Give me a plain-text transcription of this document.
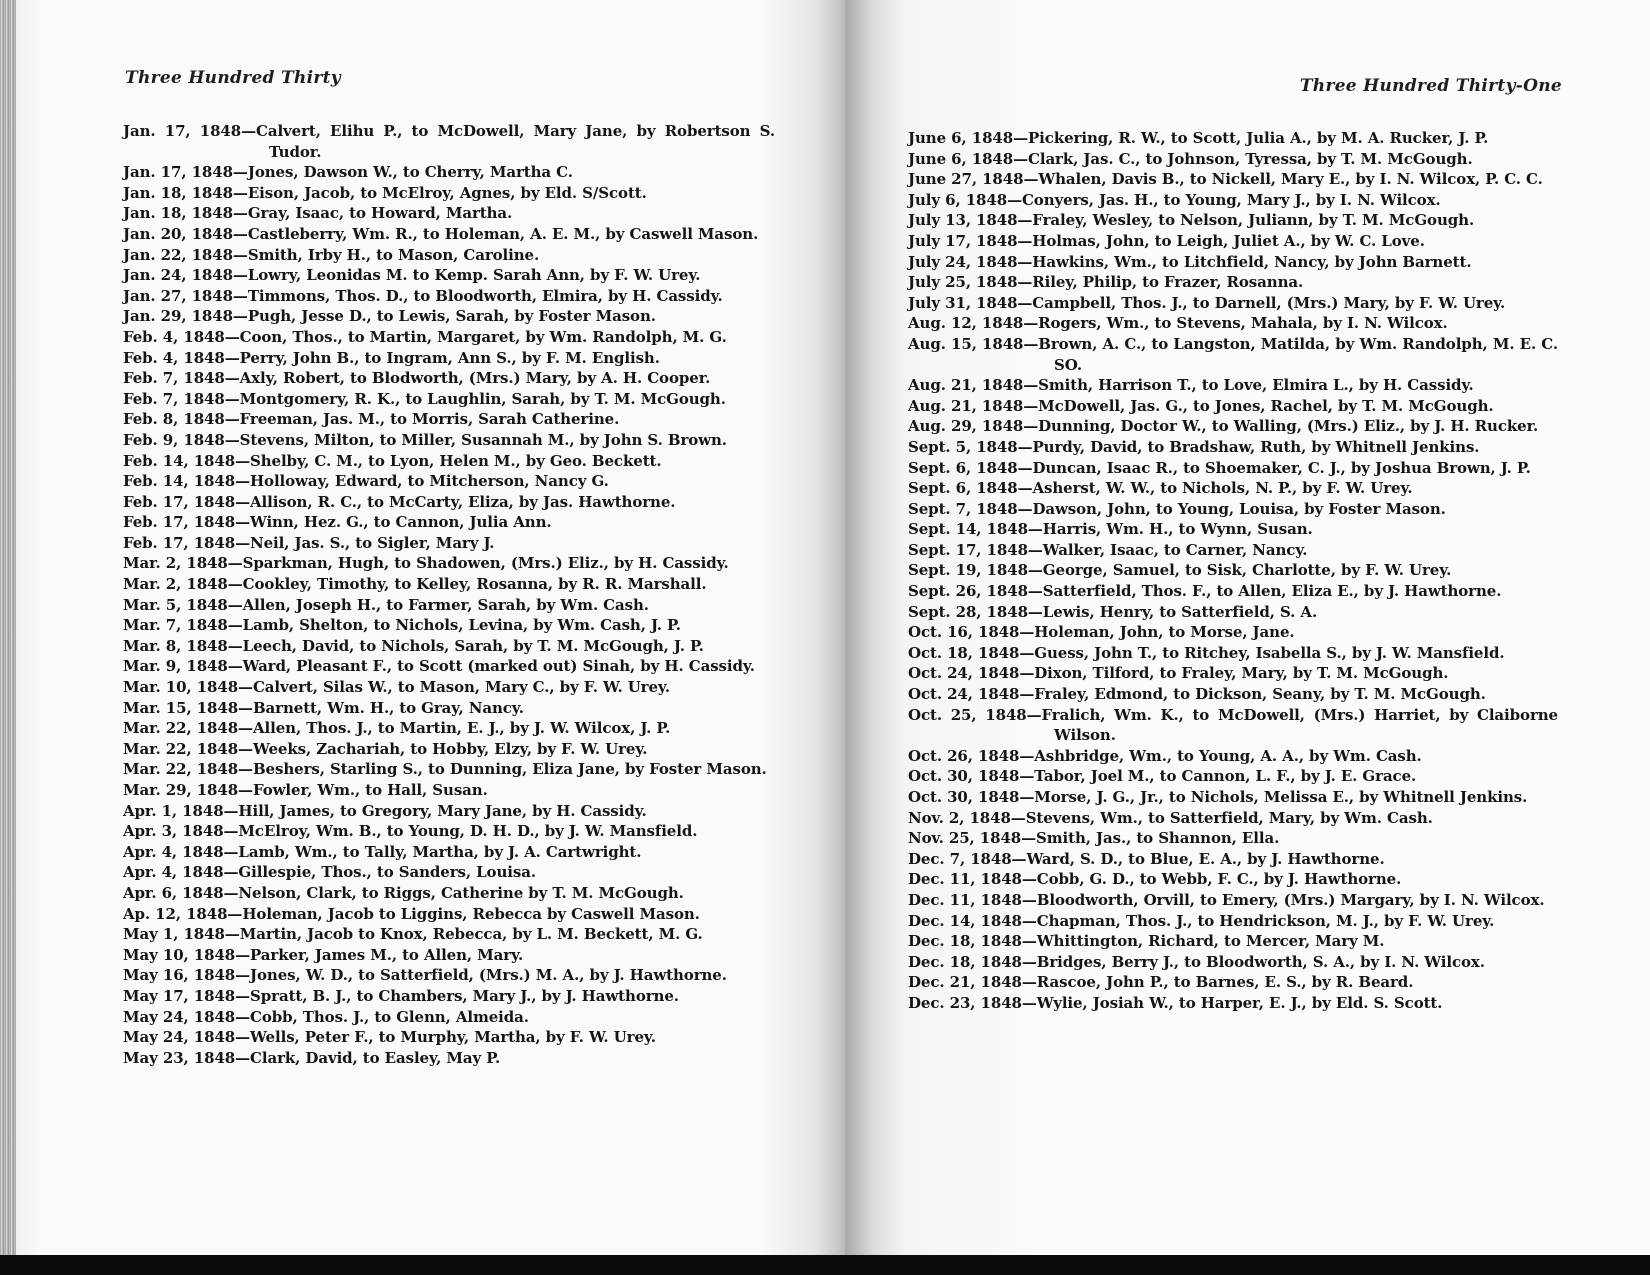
Three Hundred Thirty
Jan. 17, 1848—Calvert, Elihu P., to McDowell, Mary Jane, by Robertson S. Tudor.
Jan. 17, 1848—Jones, Dawson W., to Cherry, Martha C.
Jan. 18, 1848—Eison, Jacob, to McElroy, Agnes, by Eld. S/Scott.
Jan. 18, 1848—Gray, Isaac, to Howard, Martha.
Jan. 20, 1848—Castleberry, Wm. R., to Holeman, A. E. M., by Caswell Mason.
Jan. 22, 1848—Smith, Irby H., to Mason, Caroline.
Jan. 24, 1848—Lowry, Leonidas M. to Kemp. Sarah Ann, by F. W. Urey.
Jan. 27, 1848—Timmons, Thos. D., to Bloodworth, Elmira, by H. Cassidy.
Jan. 29, 1848—Pugh, Jesse D., to Lewis, Sarah, by Foster Mason.
Feb. 4, 1848—Coon, Thos., to Martin, Margaret, by Wm. Randolph, M. G.
Feb. 4, 1848—Perry, John B., to Ingram, Ann S., by F. M. English.
Feb. 7, 1848—Axly, Robert, to Blodworth, (Mrs.) Mary, by A. H. Cooper.
Feb. 7, 1848—Montgomery, R. K., to Laughlin, Sarah, by T. M. McGough.
Feb. 8, 1848—Freeman, Jas. M., to Morris, Sarah Catherine.
Feb. 9, 1848—Stevens, Milton, to Miller, Susannah M., by John S. Brown.
Feb. 14, 1848—Shelby, C. M., to Lyon, Helen M., by Geo. Beckett.
Feb. 14, 1848—Holloway, Edward, to Mitcherson, Nancy G.
Feb. 17, 1848—Allison, R. C., to McCarty, Eliza, by Jas. Hawthorne.
Feb. 17, 1848—Winn, Hez. G., to Cannon, Julia Ann.
Feb. 17, 1848—Neil, Jas. S., to Sigler, Mary J.
Mar. 2, 1848—Sparkman, Hugh, to Shadowen, (Mrs.) Eliz., by H. Cassidy.
Mar. 2, 1848—Cookley, Timothy, to Kelley, Rosanna, by R. R. Marshall.
Mar. 5, 1848—Allen, Joseph H., to Farmer, Sarah, by Wm. Cash.
Mar. 7, 1848—Lamb, Shelton, to Nichols, Levina, by Wm. Cash, J. P.
Mar. 8, 1848—Leech, David, to Nichols, Sarah, by T. M. McGough, J. P.
Mar. 9, 1848—Ward, Pleasant F., to Scott (marked out) Sinah, by H. Cassidy.
Mar. 10, 1848—Calvert, Silas W., to Mason, Mary C., by F. W. Urey.
Mar. 15, 1848—Barnett, Wm. H., to Gray, Nancy.
Mar. 22, 1848—Allen, Thos. J., to Martin, E. J., by J. W. Wilcox, J. P.
Mar. 22, 1848—Weeks, Zachariah, to Hobby, Elzy, by F. W. Urey.
Mar. 22, 1848—Beshers, Starling S., to Dunning, Eliza Jane, by Foster Mason.
Mar. 29, 1848—Fowler, Wm., to Hall, Susan.
Apr. 1, 1848—Hill, James, to Gregory, Mary Jane, by H. Cassidy.
Apr. 3, 1848—McElroy, Wm. B., to Young, D. H. D., by J. W. Mansfield.
Apr. 4, 1848—Lamb, Wm., to Tally, Martha, by J. A. Cartwright.
Apr. 4, 1848—Gillespie, Thos., to Sanders, Louisa.
Apr. 6, 1848—Nelson, Clark, to Riggs, Catherine by T. M. McGough.
Ap. 12, 1848—Holeman, Jacob to Liggins, Rebecca by Caswell Mason.
May 1, 1848—Martin, Jacob to Knox, Rebecca, by L. M. Beckett, M. G.
May 10, 1848—Parker, James M., to Allen, Mary.
May 16, 1848—Jones, W. D., to Satterfield, (Mrs.) M. A., by J. Hawthorne.
May 17, 1848—Spratt, B. J., to Chambers, Mary J., by J. Hawthorne.
May 24, 1848—Cobb, Thos. J., to Glenn, Almeida.
May 24, 1848—Wells, Peter F., to Murphy, Martha, by F. W. Urey.
May 23, 1848—Clark, David, to Easley, May P.
Three Hundred Thirty-One
June 6, 1848—Pickering, R. W., to Scott, Julia A., by M. A. Rucker, J. P.
June 6, 1848—Clark, Jas. C., to Johnson, Tyressa, by T. M. McGough.
June 27, 1848—Whalen, Davis B., to Nickell, Mary E., by I. N. Wilcox, P. C. C.
July 6, 1848—Conyers, Jas. H., to Young, Mary J., by I. N. Wilcox.
July 13, 1848—Fraley, Wesley, to Nelson, Juliann, by T. M. McGough.
July 17, 1848—Holmas, John, to Leigh, Juliet A., by W. C. Love.
July 24, 1848—Hawkins, Wm., to Litchfield, Nancy, by John Barnett.
July 25, 1848—Riley, Philip, to Frazer, Rosanna.
July 31, 1848—Campbell, Thos. J., to Darnell, (Mrs.) Mary, by F. W. Urey.
Aug. 12, 1848—Rogers, Wm., to Stevens, Mahala, by I. N. Wilcox.
Aug. 15, 1848—Brown, A. C., to Langston, Matilda, by Wm. Randolph, M. E. C. SO.
Aug. 21, 1848—Smith, Harrison T., to Love, Elmira L., by H. Cassidy.
Aug. 21, 1848—McDowell, Jas. G., to Jones, Rachel, by T. M. McGough.
Aug. 29, 1848—Dunning, Doctor W., to Walling, (Mrs.) Eliz., by J. H. Rucker.
Sept. 5, 1848—Purdy, David, to Bradshaw, Ruth, by Whitnell Jenkins.
Sept. 6, 1848—Duncan, Isaac R., to Shoemaker, C. J., by Joshua Brown, J. P.
Sept. 6, 1848—Asherst, W. W., to Nichols, N. P., by F. W. Urey.
Sept. 7, 1848—Dawson, John, to Young, Louisa, by Foster Mason.
Sept. 14, 1848—Harris, Wm. H., to Wynn, Susan.
Sept. 17, 1848—Walker, Isaac, to Carner, Nancy.
Sept. 19, 1848—George, Samuel, to Sisk, Charlotte, by F. W. Urey.
Sept. 26, 1848—Satterfield, Thos. F., to Allen, Eliza E., by J. Hawthorne.
Sept. 28, 1848—Lewis, Henry, to Satterfield, S. A.
Oct. 16, 1848—Holeman, John, to Morse, Jane.
Oct. 18, 1848—Guess, John T., to Ritchey, Isabella S., by J. W. Mansfield.
Oct. 24, 1848—Dixon, Tilford, to Fraley, Mary, by T. M. McGough.
Oct. 24, 1848—Fraley, Edmond, to Dickson, Seany, by T. M. McGough.
Oct. 25, 1848—Fralich, Wm. K., to McDowell, (Mrs.) Harriet, by Claiborne Wilson.
Oct. 26, 1848—Ashbridge, Wm., to Young, A. A., by Wm. Cash.
Oct. 30, 1848—Tabor, Joel M., to Cannon, L. F., by J. E. Grace.
Oct. 30, 1848—Morse, J. G., Jr., to Nichols, Melissa E., by Whitnell Jenkins.
Nov. 2, 1848—Stevens, Wm., to Satterfield, Mary, by Wm. Cash.
Nov. 25, 1848—Smith, Jas., to Shannon, Ella.
Dec. 7, 1848—Ward, S. D., to Blue, E. A., by J. Hawthorne.
Dec. 11, 1848—Cobb, G. D., to Webb, F. C., by J. Hawthorne.
Dec. 11, 1848—Bloodworth, Orvill, to Emery, (Mrs.) Margary, by I. N. Wilcox.
Dec. 14, 1848—Chapman, Thos. J., to Hendrickson, M. J., by F. W. Urey.
Dec. 18, 1848—Whittington, Richard, to Mercer, Mary M.
Dec. 18, 1848—Bridges, Berry J., to Bloodworth, S. A., by I. N. Wilcox.
Dec. 21, 1848—Rascoe, John P., to Barnes, E. S., by R. Beard.
Dec. 23, 1848—Wylie, Josiah W., to Harper, E. J., by Eld. S. Scott.
